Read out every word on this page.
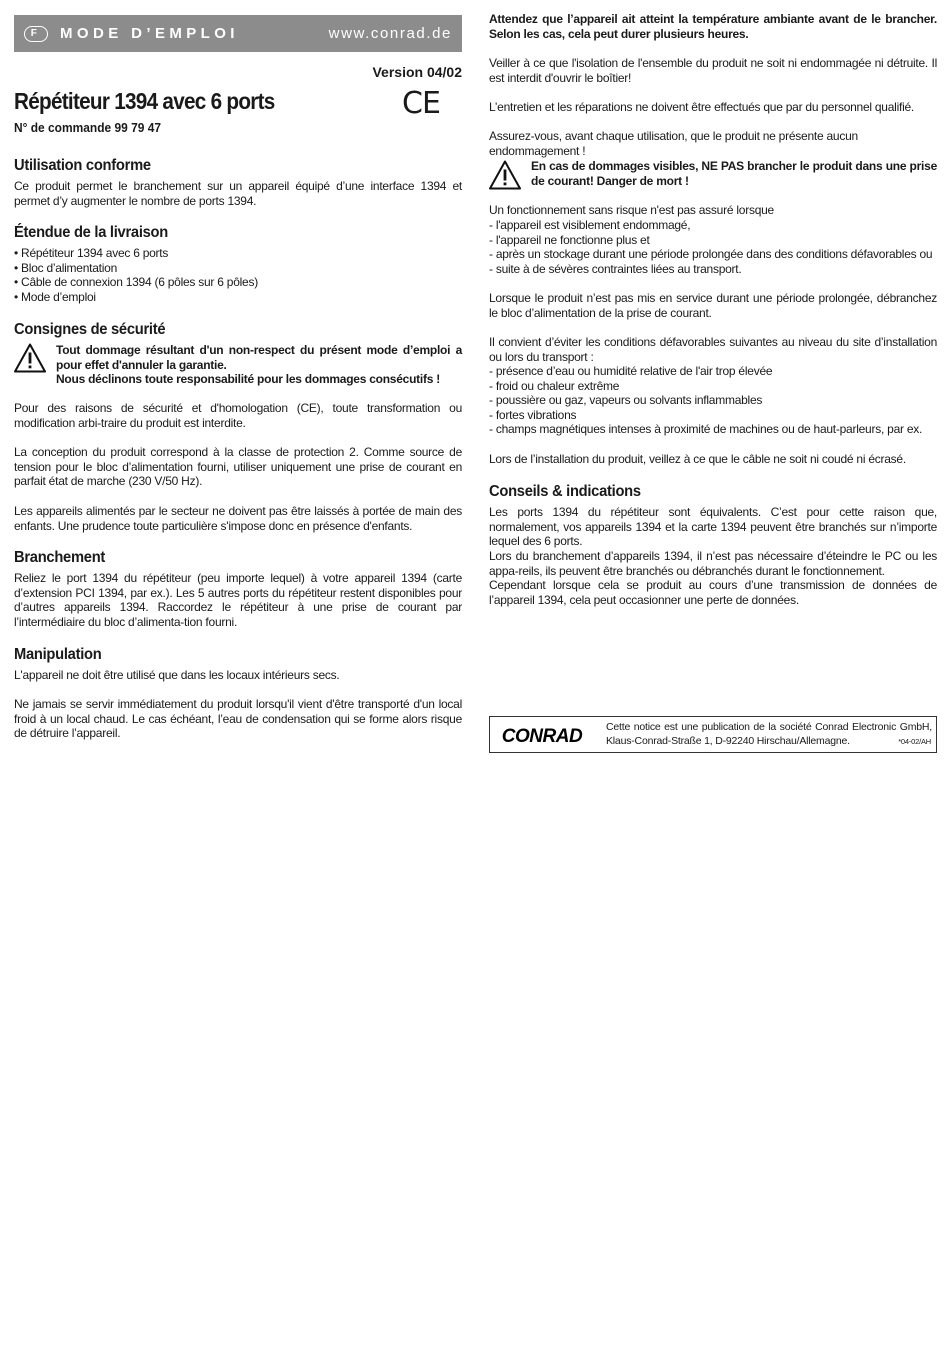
F	MODE D’EMPLOI	www.conrad.de
Version 04/02
CE
Répétiteur 1394 avec 6 ports
N° de commande 99 79 47
Utilisation conforme
Ce produit permet le branchement sur un appareil équipé d’une interface 1394 et permet d’y augmenter le nombre de ports 1394.
Étendue de la livraison
• Répétiteur 1394 avec 6 ports
• Bloc d’alimentation
• Câble de connexion 1394 (6 pôles sur 6 pôles)
• Mode d’emploi
Consignes de sécurité
Tout dommage résultant d'un non-respect du présent mode d’emploi a pour effet d'annuler la garantie.
Nous déclinons toute responsabilité pour les dommages consécutifs !
Pour des raisons de sécurité et d'homologation (CE), toute transformation ou modification arbi-traire du produit est interdite.
La conception du produit correspond à la classe de protection 2. Comme source de tension pour le bloc d’alimentation fourni, utiliser uniquement une prise de courant en parfait état de marche (230 V/50 Hz).
Les appareils alimentés par le secteur ne doivent pas être laissés à portée de main des enfants. Une prudence toute particulière s'impose donc en présence d'enfants.
Branchement
Reliez le port 1394 du répétiteur (peu importe lequel) à votre appareil 1394 (carte d’extension PCI 1394, par ex.). Les 5 autres ports du répétiteur restent disponibles pour d’autres appareils 1394. Raccordez le répétiteur à une prise de courant par l’intermédiaire du bloc d’alimenta-tion fourni.
Manipulation
L'appareil ne doit être utilisé que dans les locaux intérieurs secs.
Ne jamais se servir immédiatement du produit lorsqu'il vient d'être transporté d'un local froid à un local chaud. Le cas échéant, l’eau de condensation qui se forme alors risque de détruire l’appareil.
Attendez que l’appareil ait atteint la température ambiante avant de le brancher. Selon les cas, cela peut durer plusieurs heures.
Veiller à ce que l'isolation de l'ensemble du produit ne soit ni endommagée ni détruite. Il est interdit d'ouvrir le boîtier!
L’entretien et les réparations ne doivent être effectués que par du personnel qualifié.
Assurez-vous, avant chaque utilisation, que le produit ne présente aucun endommagement !
En cas de dommages visibles, NE PAS brancher le produit dans une prise de courant! Danger de mort !
Un fonctionnement sans risque n'est pas assuré lorsque
- l'appareil est visiblement endommagé,
- l'appareil ne fonctionne plus et
- après un stockage durant une période prolongée dans des conditions défavorables ou
- suite à de sévères contraintes liées au transport.
Lorsque le produit n’est pas mis en service durant une période prolongée, débranchez le bloc d’alimentation de la prise de courant.
Il convient d’éviter les conditions défavorables suivantes au niveau du site d’installation ou lors du transport :
- présence d’eau ou humidité relative de l'air trop élevée
- froid ou chaleur extrême
- poussière ou gaz, vapeurs ou solvants inflammables
- fortes vibrations
- champs magnétiques intenses à proximité de machines ou de haut-parleurs, par ex.
Lors de l’installation du produit, veillez à ce que le câble ne soit ni coudé ni écrasé.
Conseils & indications
Les ports 1394 du répétiteur sont équivalents. C’est pour cette raison que, normalement, vos appareils 1394 et la carte 1394 peuvent être branchés sur n’importe lequel des 6 ports.
Lors du branchement d’appareils 1394, il n’est pas nécessaire d’éteindre le PC ou les appa-reils, ils peuvent être branchés ou débranchés durant le fonctionnement.
Cependant lorsque cela se produit au cours d’une transmission de données de l’appareil 1394, cela peut occasionner une perte de données.
CONRAD Cette notice est une publication de la société Conrad Electronic GmbH, Klaus-Conrad-Straße 1, D-92240 Hirschau/Allemagne.	*04-02/AH
